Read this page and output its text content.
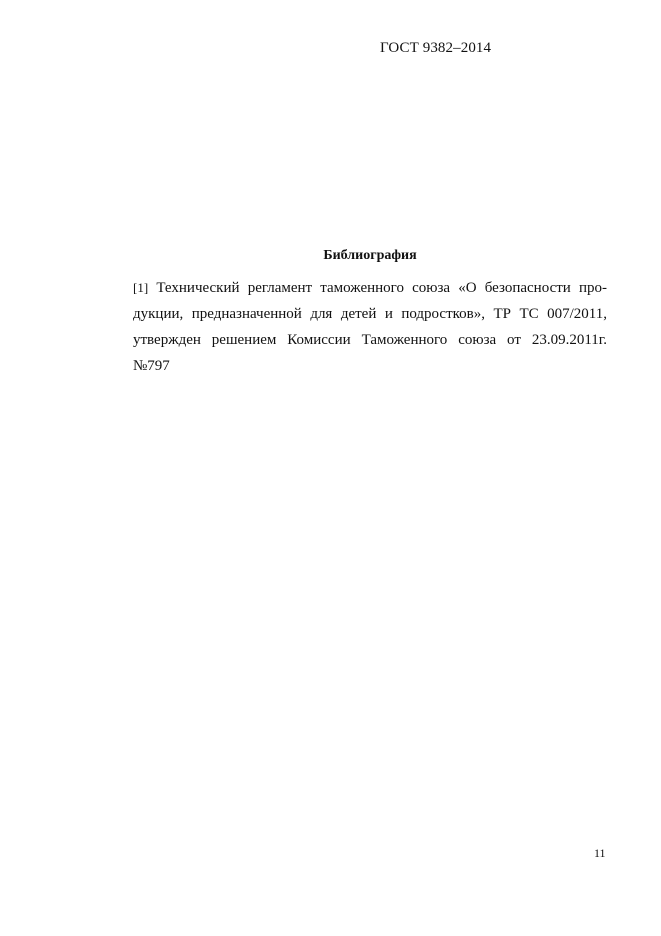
ГОСТ 9382–2014
Библиография
[1] Технический регламент таможенного союза «О безопасности про-
дукции, предназначенной для детей и подростков», ТР ТС 007/2011,
утвержден решением Комиссии Таможенного союза от 23.09.2011г.
№797
11
